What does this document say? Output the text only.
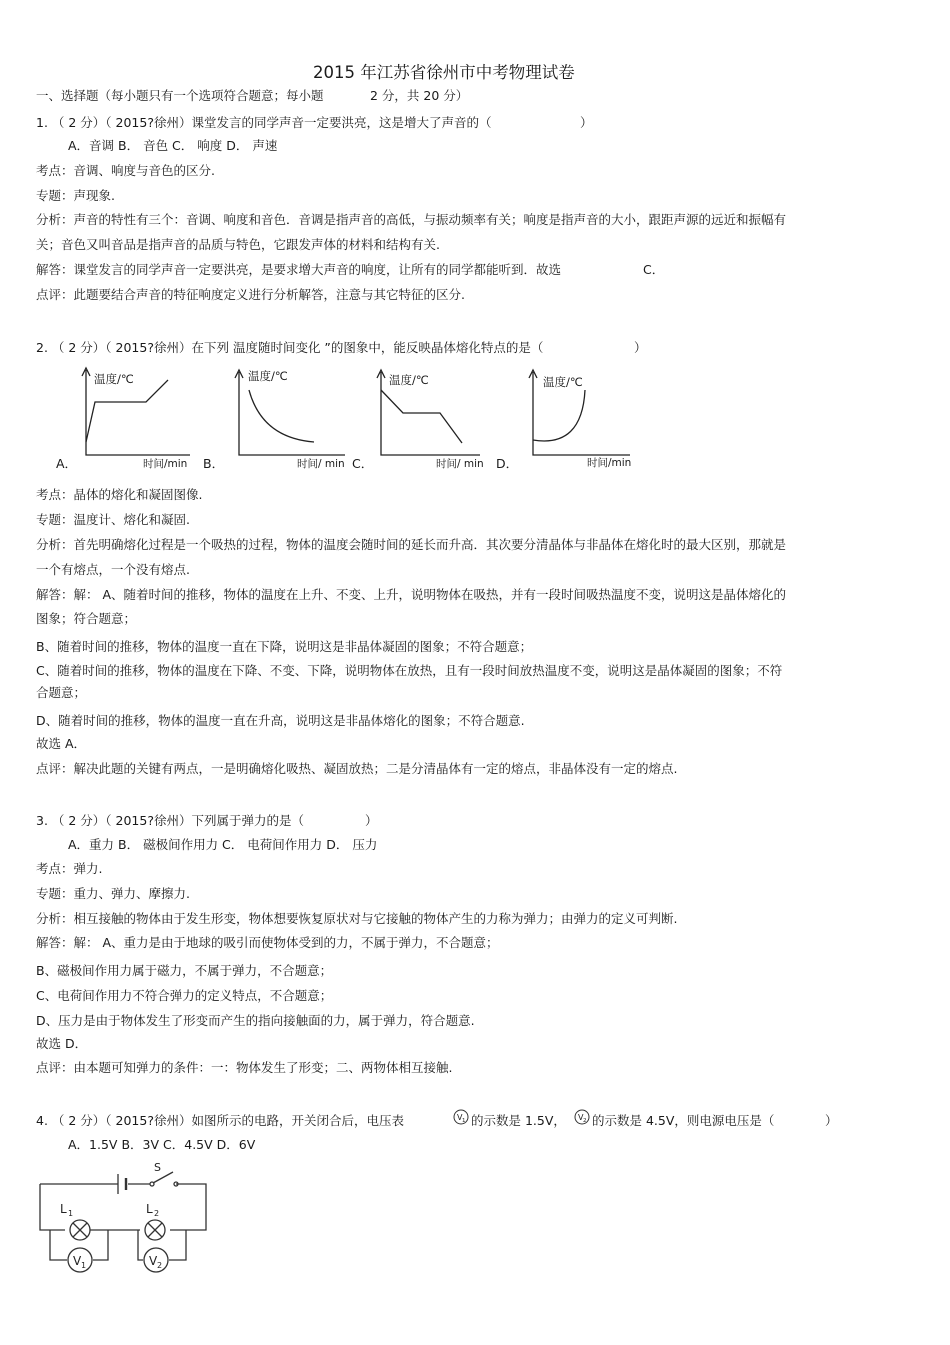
2015 年江苏省徐州市中考物理试卷
一、选择题（每小题只有一个选项符合题意；每小题	2 分，共 20 分）
1. （ 2 分）（ 2015?徐州）课堂发言的同学声音一定要洪亮，这是增大了声音的（	）
A．音调 B． 音色 C． 响度 D． 声速
考点：音调、响度与音色的区分.
专题：声现象.
分析：声音的特性有三个：音调、响度和音色．音调是指声音的高低，与振动频率有关；响度是指声音的大小，跟距声源的远近和振幅有
关；音色又叫音品是指声音的品质与特色，它跟发声体的材料和结构有关.
解答：课堂发言的同学声音一定要洪亮，是要求增大声音的响度，让所有的同学都能听到．故选	C．
点评：此题要结合声音的特征响度定义进行分析解答，注意与其它特征的区分.
2. （ 2 分）（ 2015?徐州）在下列 温度随时间变化 ”的图象中，能反映晶体熔化特点的是（	）
温度/℃	温度/℃	温度/℃	温度/℃
时间/min	时间/ min	时间/ min	时间/min
A．	B．	C．	D．
考点：晶体的熔化和凝固图像.
专题：温度计、熔化和凝固.
分析：首先明确熔化过程是一个吸热的过程，物体的温度会随时间的延长而升高．其次要分清晶体与非晶体在熔化时的最大区别，那就是
一个有熔点，一个没有熔点.
解答：解： A、随着时间的推移，物体的温度在上升、不变、上升，说明物体在吸热，并有一段时间吸热温度不变，说明这是晶体熔化的
图象；符合题意；
B、随着时间的推移，物体的温度一直在下降，说明这是非晶体凝固的图象；不符合题意；
C、随着时间的推移，物体的温度在下降、不变、下降，说明物体在放热，且有一段时间放热温度不变，说明这是晶体凝固的图象；不符
合题意；
D、随着时间的推移，物体的温度一直在升高，说明这是非晶体熔化的图象；不符合题意.
故选 A．
点评：解决此题的关键有两点，一是明确熔化吸热、凝固放热；二是分清晶体有一定的熔点，非晶体没有一定的熔点.
3. （ 2 分）（ 2015?徐州）下列属于弹力的是（	）
A．重力 B． 磁极间作用力 C． 电荷间作用力 D． 压力
考点：弹力.
专题：重力、弹力、摩擦力.
分析：相互接触的物体由于发生形变，物体想要恢复原状对与它接触的物体产生的力称为弹力；由弹力的定义可判断.
解答：解： A、重力是由于地球的吸引而使物体受到的力，不属于弹力，不合题意；
B、磁极间作用力属于磁力，不属于弹力，不合题意；
C、电荷间作用力不符合弹力的定义特点，不合题意；
D、压力是由于物体发生了形变而产生的指向接触面的力，属于弹力，符合题意.
故选 D．
点评：由本题可知弹力的条件：一：物体发生了形变；二、两物体相互接触.
4. （ 2 分）（ 2015?徐州）如图所示的电路，开关闭合后，电压表	V 1 的示数是 1.5V， V 2 的示数是 4.5V，则电源电压是（	）
A．1.5V B．3V C．4.5V D．6V
S
L 1	L 2
V 1	V 2
